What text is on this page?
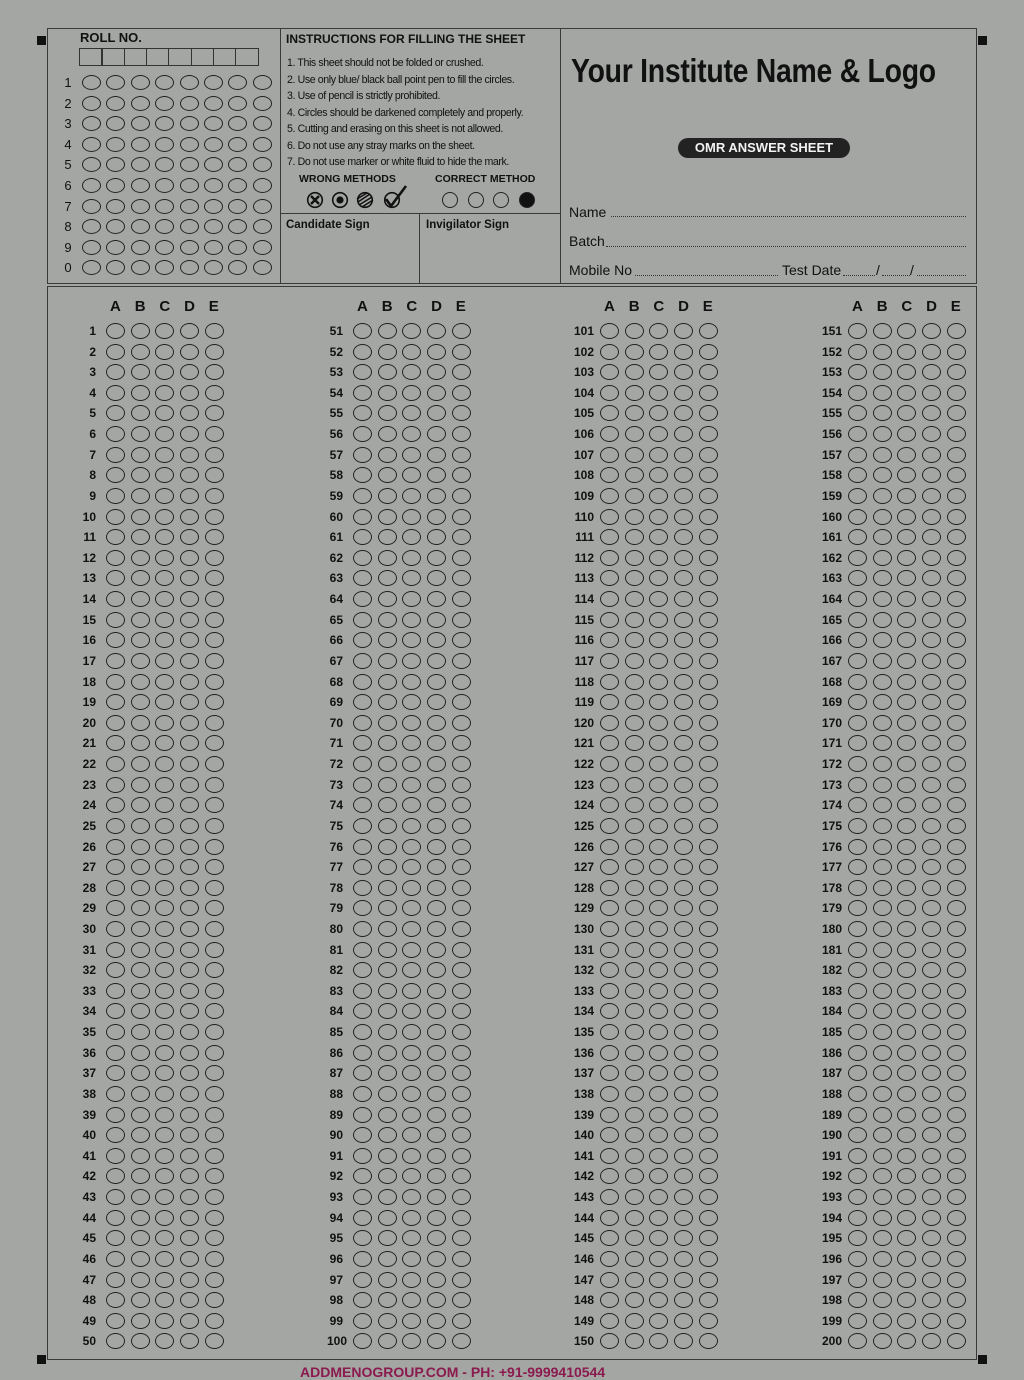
ROLL NO.
1
2
3
4
5
6
7
8
9
0
INSTRUCTIONS FOR FILLING THE SHEET
1. This sheet should not be folded or crushed.
2. Use only blue/ black ball point pen to fill the circles.
3. Use of pencil is strictly prohibited.
4. Circles should be darkened completely and properly.
5. Cutting and erasing on this sheet is not allowed.
6. Do not use any stray marks on the sheet.
7. Do not use marker or white fluid to hide the mark.
WRONG METHODS	CORRECT METHOD
Candidate Sign	Invigilator Sign
Your Institute Name & Logo
OMR ANSWER SHEET
Name
Batch
Mobile No	Test Date / /
A B C D E
1
2
3
4
5
6
7
8
9
10
11
12
13
14
15
16
17
18
19
20
21
22
23
24
25
26
27
28
29
30
31
32
33
34
35
36
37
38
39
40
41
42
43
44
45
46
47
48
49
50
A B C D E
51
52
53
54
55
56
57
58
59
60
61
62
63
64
65
66
67
68
69
70
71
72
73
74
75
76
77
78
79
80
81
82
83
84
85
86
87
88
89
90
91
92
93
94
95
96
97
98
99
100
A B C D E
101
102
103
104
105
106
107
108
109
110
111
112
113
114
115
116
117
118
119
120
121
122
123
124
125
126
127
128
129
130
131
132
133
134
135
136
137
138
139
140
141
142
143
144
145
146
147
148
149
150
A B C D E
151
152
153
154
155
156
157
158
159
160
161
162
163
164
165
166
167
168
169
170
171
172
173
174
175
176
177
178
179
180
181
182
183
184
185
186
187
188
189
190
191
192
193
194
195
196
197
198
199
200
ADDMENOGROUP.COM - PH: +91-9999410544
